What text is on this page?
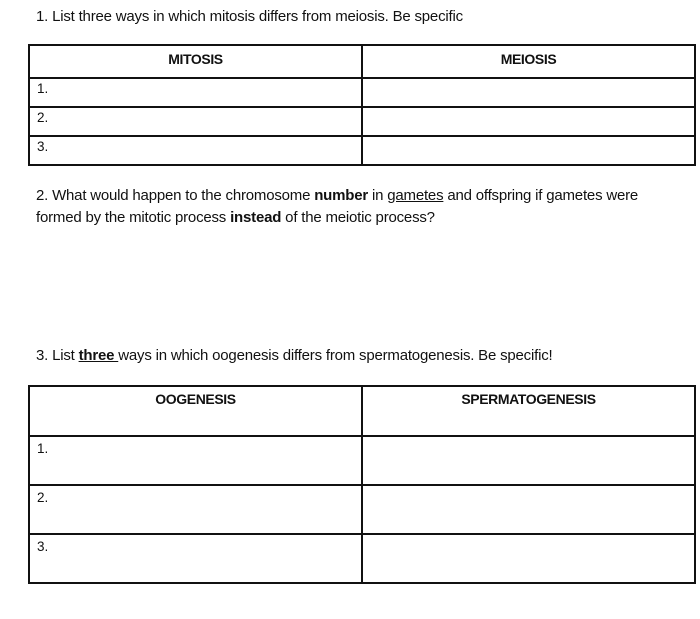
1. List three ways in which mitosis differs from meiosis. Be specific

MITOSIS	MEIOSIS
1.	
2.	
3.	

2. What would happen to the chromosome number in gametes and offspring if gametes were formed by the mitotic process instead of the meiotic process?

3. List three ways in which oogenesis differs from spermatogenesis. Be specific!

OOGENESIS	SPERMATOGENESIS
1.	
2.	
3.	
